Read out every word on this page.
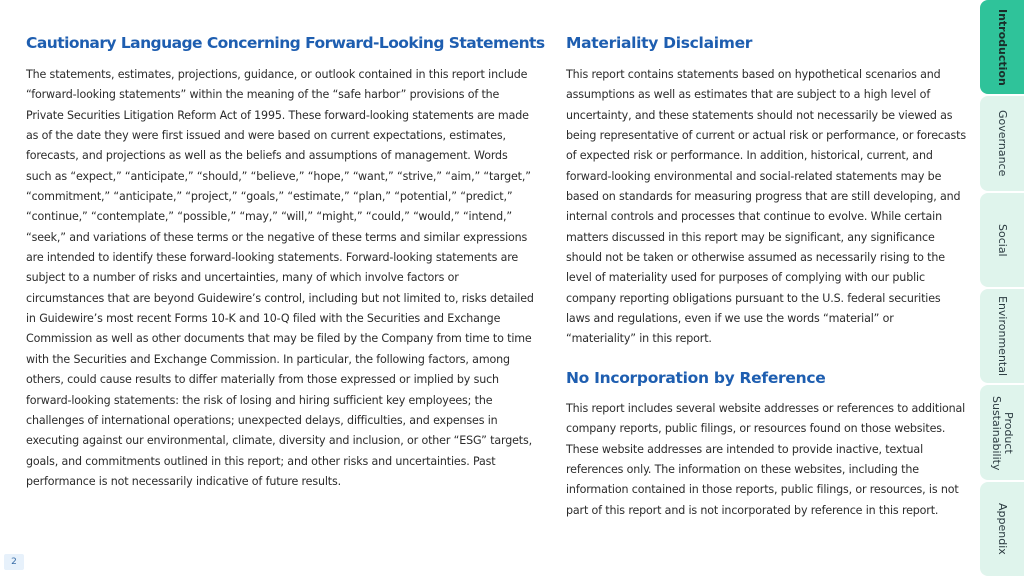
Cautionary Language Concerning Forward-Looking Statements

The statements, estimates, projections, guidance, or outlook contained in this report include “forward-looking statements” within the meaning of the “safe harbor” provisions of the Private Securities Litigation Reform Act of 1995. These forward-looking statements are made as of the date they were first issued and were based on current expectations, estimates, forecasts, and projections as well as the beliefs and assumptions of management. Words such as “expect,” “anticipate,” “should,” “believe,” “hope,” “want,” “strive,” “aim,” “target,” “commitment,” “anticipate,” “project,” “goals,” “estimate,” “plan,” “potential,” “predict,” “continue,” “contemplate,” “possible,” “may,” “will,” “might,” “could,” “would,” “intend,” “seek,” and variations of these terms or the negative of these terms and similar expressions are intended to identify these forward-looking statements. Forward-looking statements are subject to a number of risks and uncertainties, many of which involve factors or circumstances that are beyond Guidewire’s control, including but not limited to, risks detailed in Guidewire’s most recent Forms 10-K and 10-Q filed with the Securities and Exchange Commission as well as other documents that may be filed by the Company from time to time with the Securities and Exchange Commission. In particular, the following factors, among others, could cause results to differ materially from those expressed or implied by such forward-looking statements: the risk of losing and hiring sufficient key employees; the challenges of international operations; unexpected delays, difficulties, and expenses in executing against our environmental, climate, diversity and inclusion, or other “ESG” targets, goals, and commitments outlined in this report; and other risks and uncertainties. Past performance is not necessarily indicative of future results.

Materiality Disclaimer

This report contains statements based on hypothetical scenarios and assumptions as well as estimates that are subject to a high level of uncertainty, and these statements should not necessarily be viewed as being representative of current or actual risk or performance, or forecasts of expected risk or performance. In addition, historical, current, and forward-looking environmental and social-related statements may be based on standards for measuring progress that are still developing, and internal controls and processes that continue to evolve. While certain matters discussed in this report may be significant, any significance should not be taken or otherwise assumed as necessarily rising to the level of materiality used for purposes of complying with our public company reporting obligations pursuant to the U.S. federal securities laws and regulations, even if we use the words “material” or “materiality” in this report.

No Incorporation by Reference

This report includes several website addresses or references to additional company reports, public filings, or resources found on those websites. These website addresses are intended to provide inactive, textual references only. The information on these websites, including the information contained in those reports, public filings, or resources, is not part of this report and is not incorporated by reference in this report.

2
Introduction
Governance
Social
Environmental
Product Sustainability
Appendix
